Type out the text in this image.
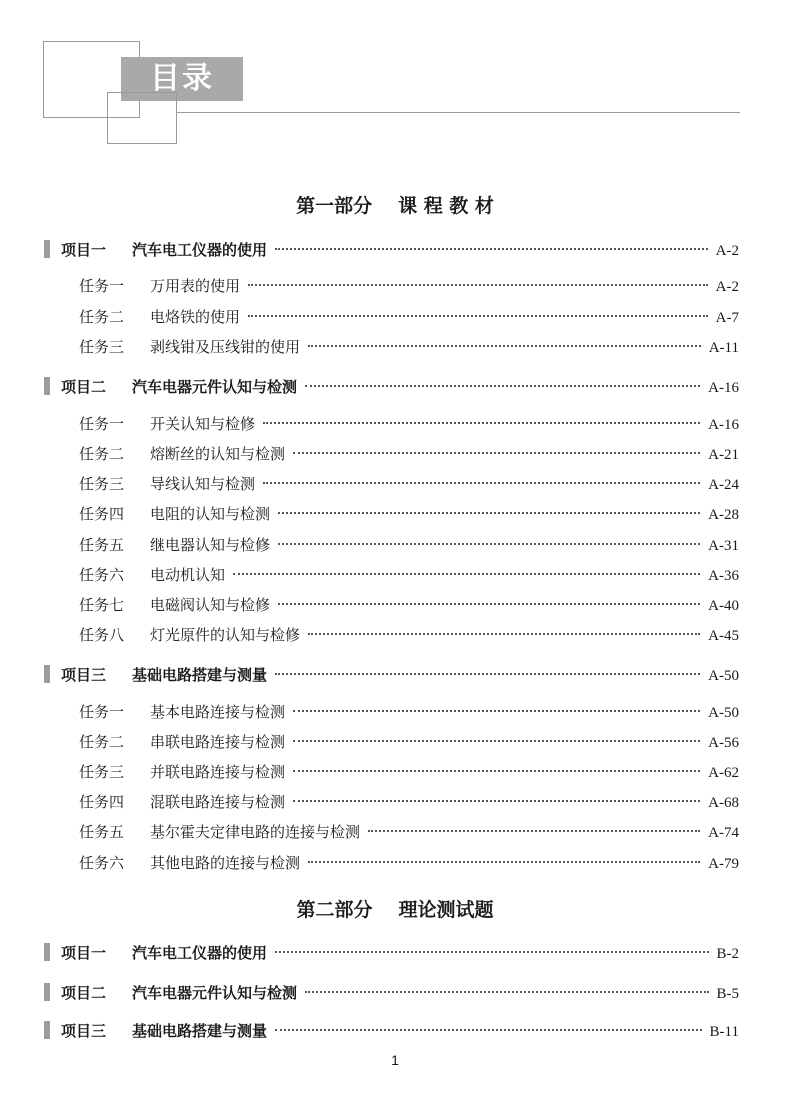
目录
第一部分 课 程 教 材
项目一	汽车电工仪器的使用	A-2
任务一	万用表的使用	A-2
任务二	电烙铁的使用	A-7
任务三	剥线钳及压线钳的使用	A-11
项目二	汽车电器元件认知与检测	A-16
任务一	开关认知与检修	A-16
任务二	熔断丝的认知与检测	A-21
任务三	导线认知与检测	A-24
任务四	电阻的认知与检测	A-28
任务五	继电器认知与检修	A-31
任务六	电动机认知	A-36
任务七	电磁阀认知与检修	A-40
任务八	灯光原件的认知与检修	A-45
项目三	基础电路搭建与测量	A-50
任务一	基本电路连接与检测	A-50
任务二	串联电路连接与检测	A-56
任务三	并联电路连接与检测	A-62
任务四	混联电路连接与检测	A-68
任务五	基尔霍夫定律电路的连接与检测	A-74
任务六	其他电路的连接与检测	A-79
第二部分 理论测试题
项目一	汽车电工仪器的使用	B-2
项目二	汽车电器元件认知与检测	B-5
项目三	基础电路搭建与测量	B-11
1
